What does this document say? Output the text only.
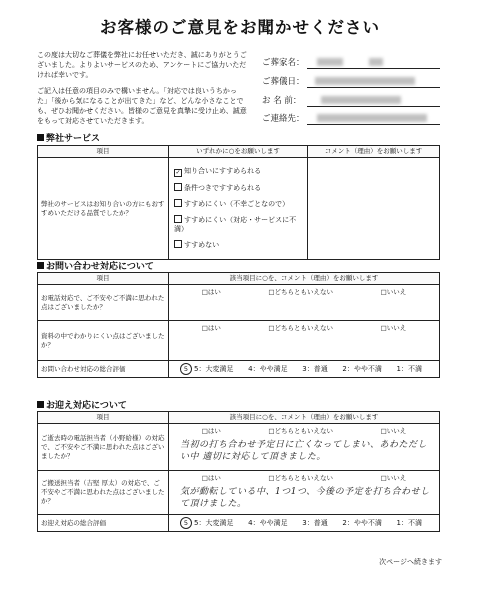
お客様のご意見をお聞かせください
この度は大切なご葬儀を弊社にお任せいただき、誠にありがとうございました。よりよいサービスのため、アンケートにご協力いただければ幸いです。
ご記入は任意の項目のみで構いません。「対応では良いうちかった」「後から気になることが出てきた」など、どんな小さなことでも、ぜひお聞かせください。皆様のご意見を真摯に受け止め、誠意をもって対応させていただきます。
ご葬家名：
ご葬儀日：
お 名 前：
ご連絡先：
弊社サービス
項目	いずれかに○をお願いします	コメント（理由）をお願いします
弊社のサービスはお知り合いの方にもおすすめいただける品質でしたか？	✓ 知り合いにすすめられる
条件つきですすめられる
すすめにくい（不幸ごとなので）
すすめにくい（対応・サービスに不満）
すすめない	

お問い合わせ対応について
項目	該当項目に○を、コメント（理由）をお願いします
お電話対応で、ご不安やご不満に思われた点はございましたか？	□はい □どちらともいえない □いいえ

資料の中でわかりにくい点はございましたか？	□はい □どちらともいえない □いいえ

お問い合わせ対応の総合評価	5 5：大変満足 4：やや満足 3：普通 2：やや不満 1：不満
お迎え対応について
項目	該当項目に○を、コメント（理由）をお願いします
ご逝去時の電話担当者（小野給様）の対応で、ご不安やご不満に思われた点はございましたか？	□はい □どちらともいえない □いいえ
当初の打ち合わせ予定日に亡くなってしまい、あわただしい中 適切に対応して頂きました。

ご搬送担当者（吉堅 厚太）の対応で、ご不安やご不満に思われた点はございましたか？	□はい □どちらともいえない □いいえ
気が動転している中、1つ1つ、今後の予定を打ち合わせして頂けました。

お迎え対応の総合評価	5 5：大変満足 4：やや満足 3：普通 2：やや不満 1：不満
次ページへ続きます
